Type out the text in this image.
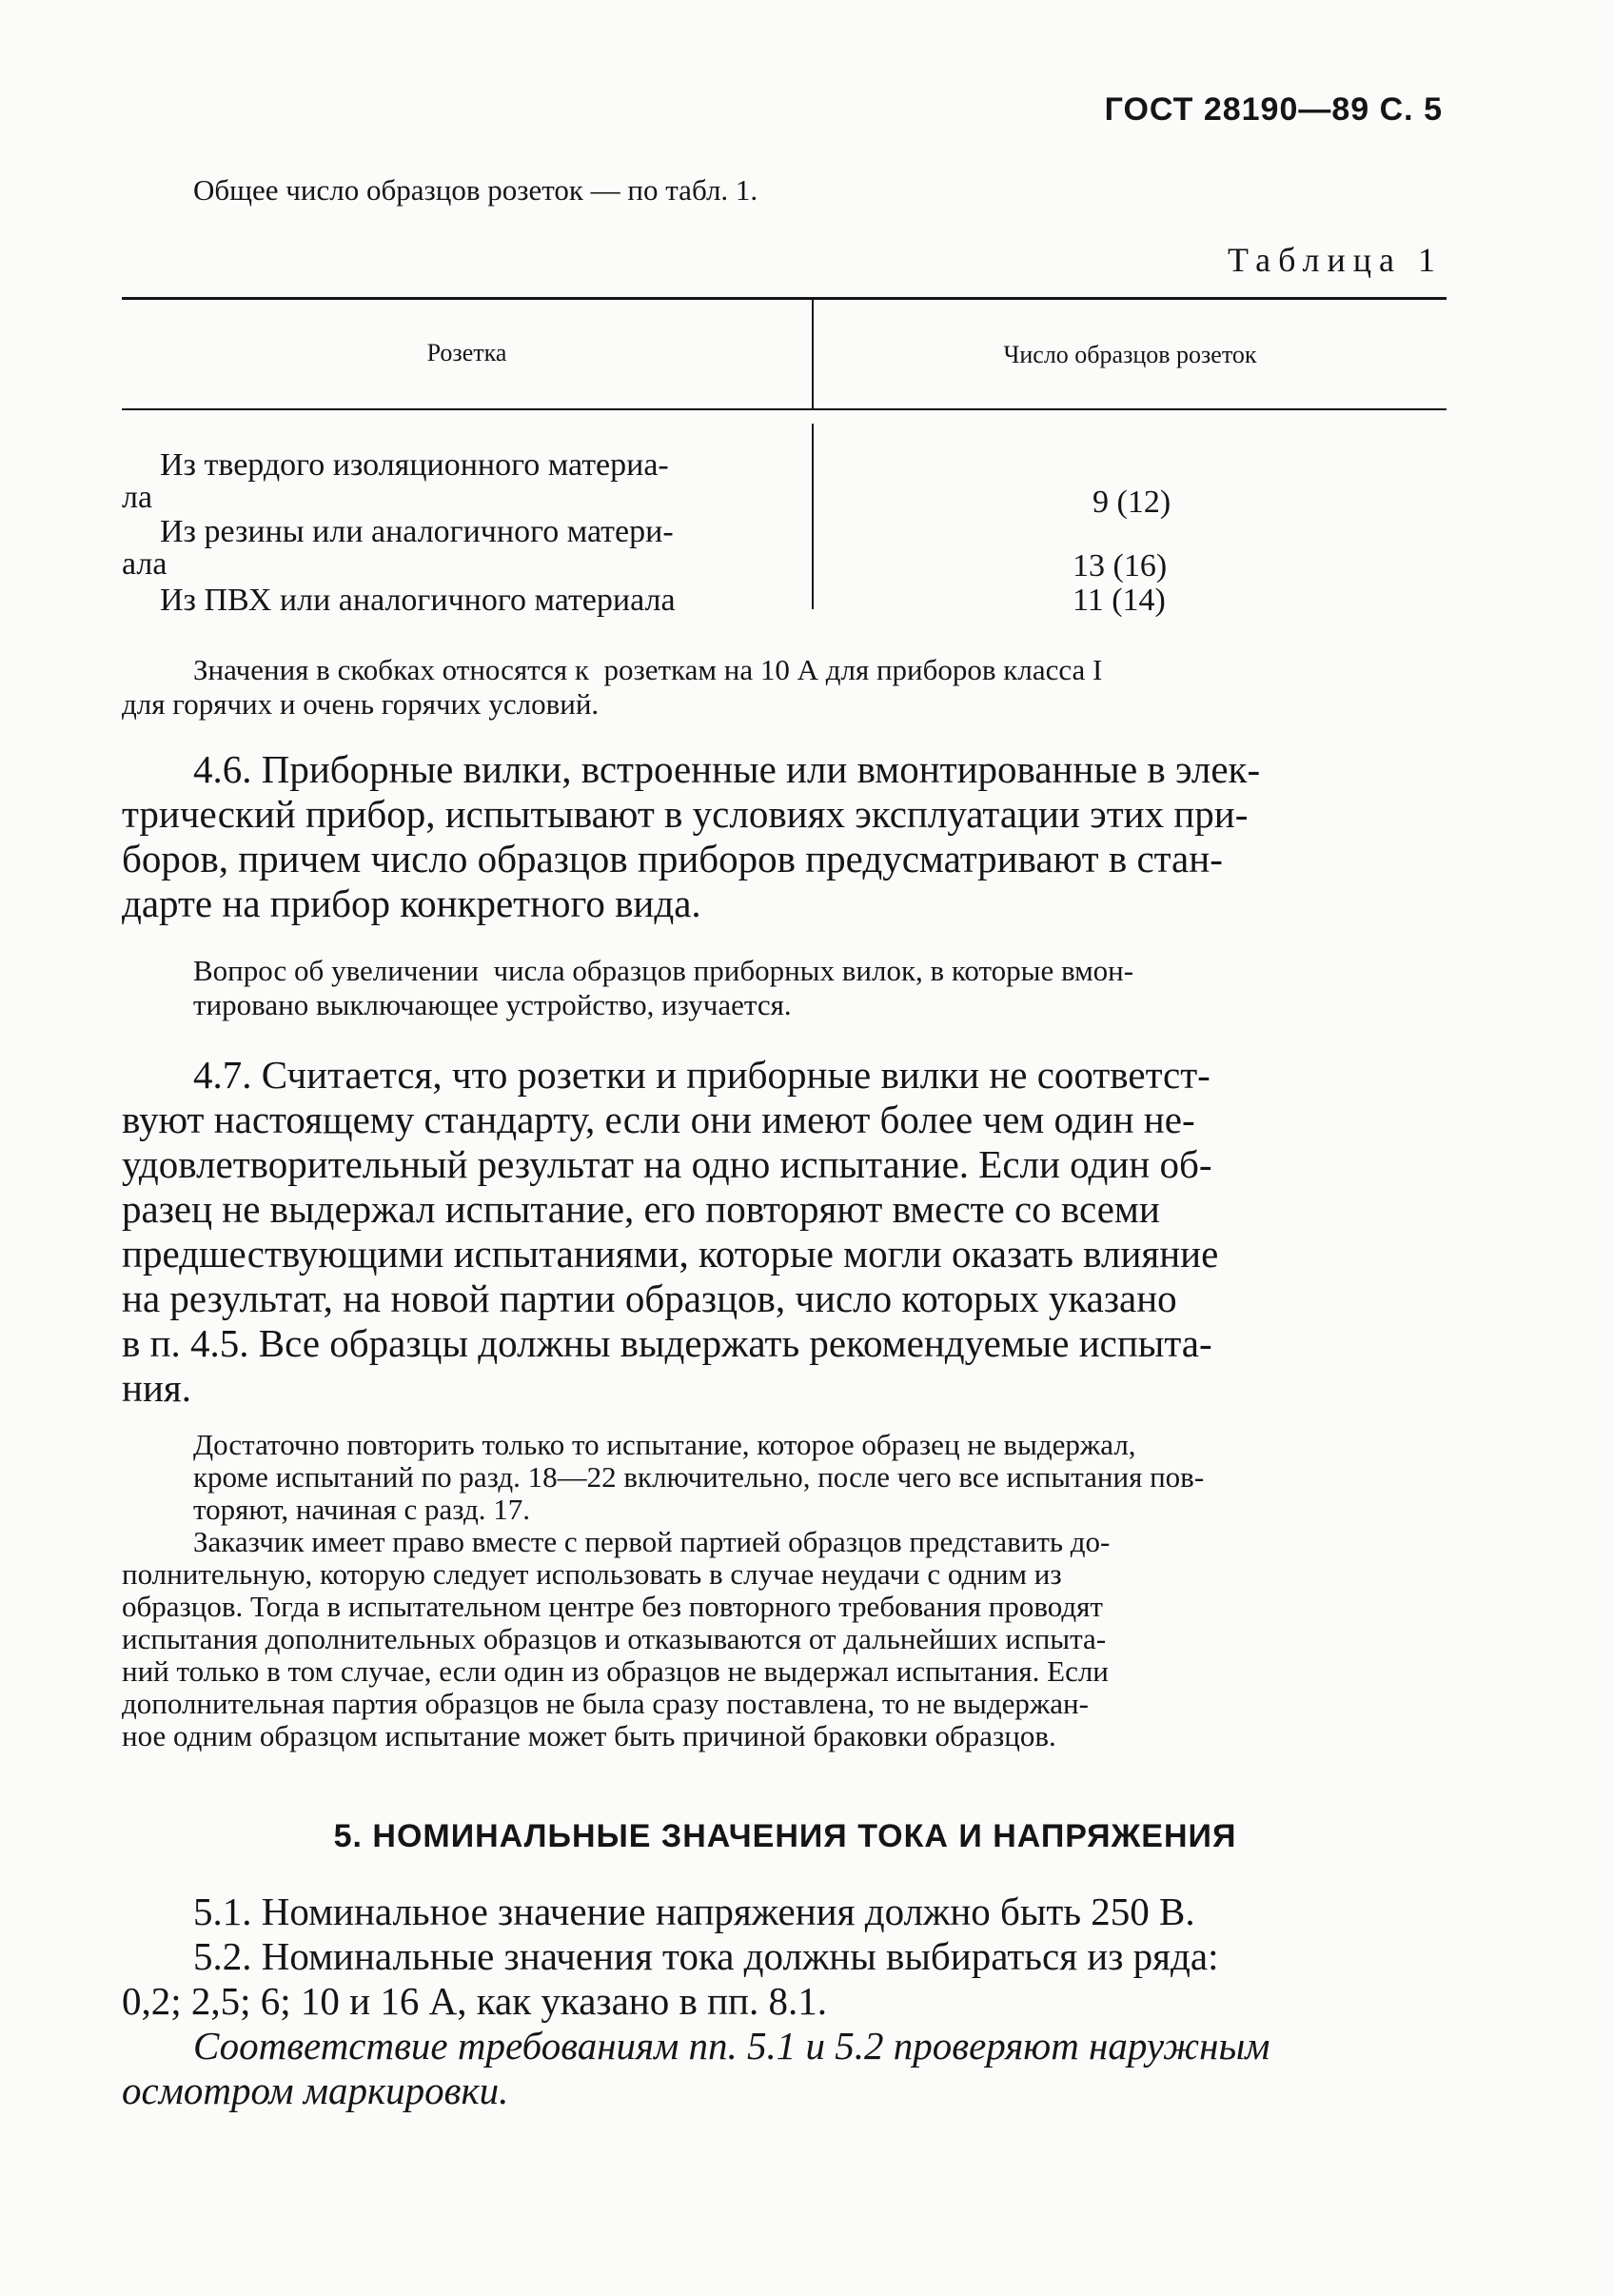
ГОСТ 28190—89 С. 5
Общее число образцов розеток — по табл. 1.
Таблица 1
Розетка	Число образцов розеток
Из твердого изоляционного материа-
ла	9 (12)
Из резины или аналогичного матери-
ала	13 (16)
Из ПВХ или аналогичного материала	11 (14)
Значения в скобках относятся к  розеткам на 10 А для приборов класса I
для горячих и очень горячих условий.
4.6. Приборные вилки, встроенные или вмонтированные в элек-
трический прибор, испытывают в условиях эксплуатации этих при-
боров, причем число образцов приборов предусматривают в стан-
дарте на прибор конкретного вида.
Вопрос об увеличении  числа образцов приборных вилок, в которые вмон-
тировано выключающее устройство, изучается.
4.7. Считается, что розетки и приборные вилки не соответст-
вуют настоящему стандарту, если они имеют более чем один не-
удовлетворительный результат на одно испытание. Если один об-
разец не выдержал испытание, его повторяют вместе со всеми
предшествующими испытаниями, которые могли оказать влияние
на результат, на новой партии образцов, число которых указано
в п. 4.5. Все образцы должны выдержать рекомендуемые испыта-
ния.
Достаточно повторить только то испытание, которое образец не выдержал,
кроме испытаний по разд. 18—22 включительно, после чего все испытания пов-
торяют, начиная с разд. 17.
Заказчик имеет право вместе с первой партией образцов представить до-
полнительную, которую следует использовать в случае неудачи с одним из
образцов. Тогда в испытательном центре без повторного требования проводят
испытания дополнительных образцов и отказываются от дальнейших испыта-
ний только в том случае, если один из образцов не выдержал испытания. Если
дополнительная партия образцов не была сразу поставлена, то не выдержан-
ное одним образцом испытание может быть причиной браковки образцов.
5. НОМИНАЛЬНЫЕ ЗНАЧЕНИЯ ТОКА И НАПРЯЖЕНИЯ
5.1. Номинальное значение напряжения должно быть 250 В.
5.2. Номинальные значения тока должны выбираться из ряда:
0,2; 2,5; 6; 10 и 16 А, как указано в пп. 8.1.
Соответствие требованиям пп. 5.1 и 5.2 проверяют наружным
осмотром маркировки.
